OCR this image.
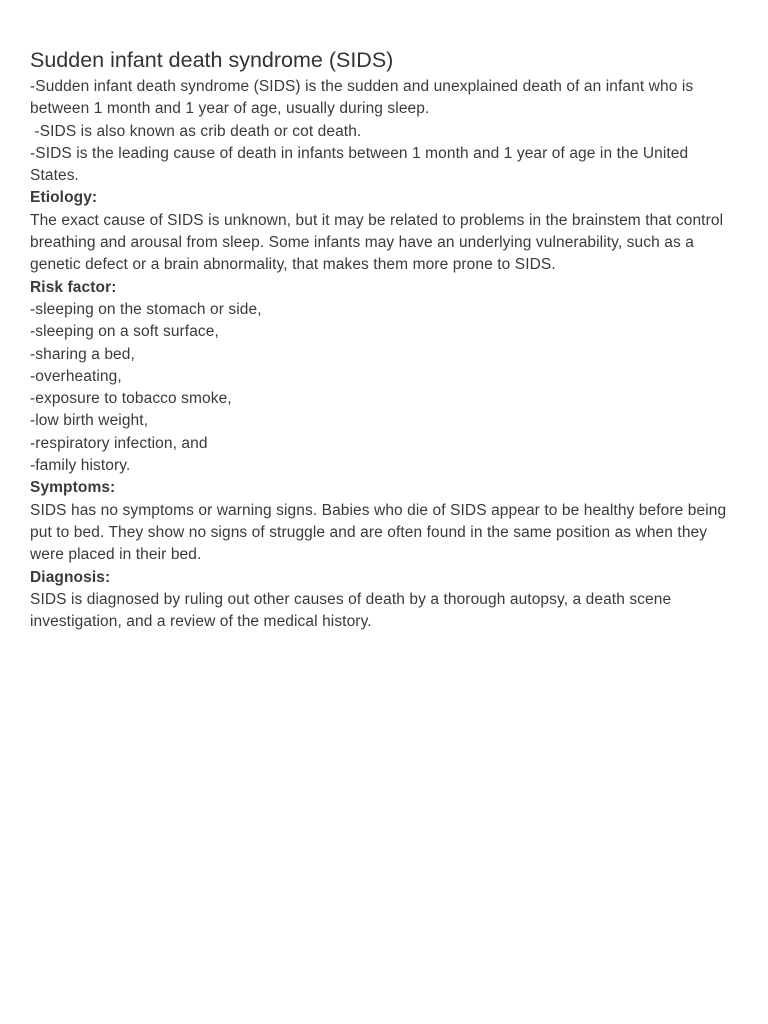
Sudden infant death syndrome (SIDS)

-Sudden infant death syndrome (SIDS) is the sudden and unexplained death of an infant who is between 1 month and 1 year of age, usually during sleep.

-SIDS is also known as crib death or cot death.

-SIDS is the leading cause of death in infants between 1 month and 1 year of age in the United States.

Etiology:

The exact cause of SIDS is unknown, but it may be related to problems in the brainstem that control breathing and arousal from sleep. Some infants may have an underlying vulnerability, such as a genetic defect or a brain abnormality, that makes them more prone to SIDS.

Risk factor:

-sleeping on the stomach or side,

-sleeping on a soft surface,

-sharing a bed,

-overheating,

-exposure to tobacco smoke,

-low birth weight,

-respiratory infection, and

-family history.

Symptoms:

SIDS has no symptoms or warning signs. Babies who die of SIDS appear to be healthy before being put to bed. They show no signs of struggle and are often found in the same position as when they were placed in their bed.

Diagnosis:

SIDS is diagnosed by ruling out other causes of death by a thorough autopsy, a death scene investigation, and a review of the medical history.
